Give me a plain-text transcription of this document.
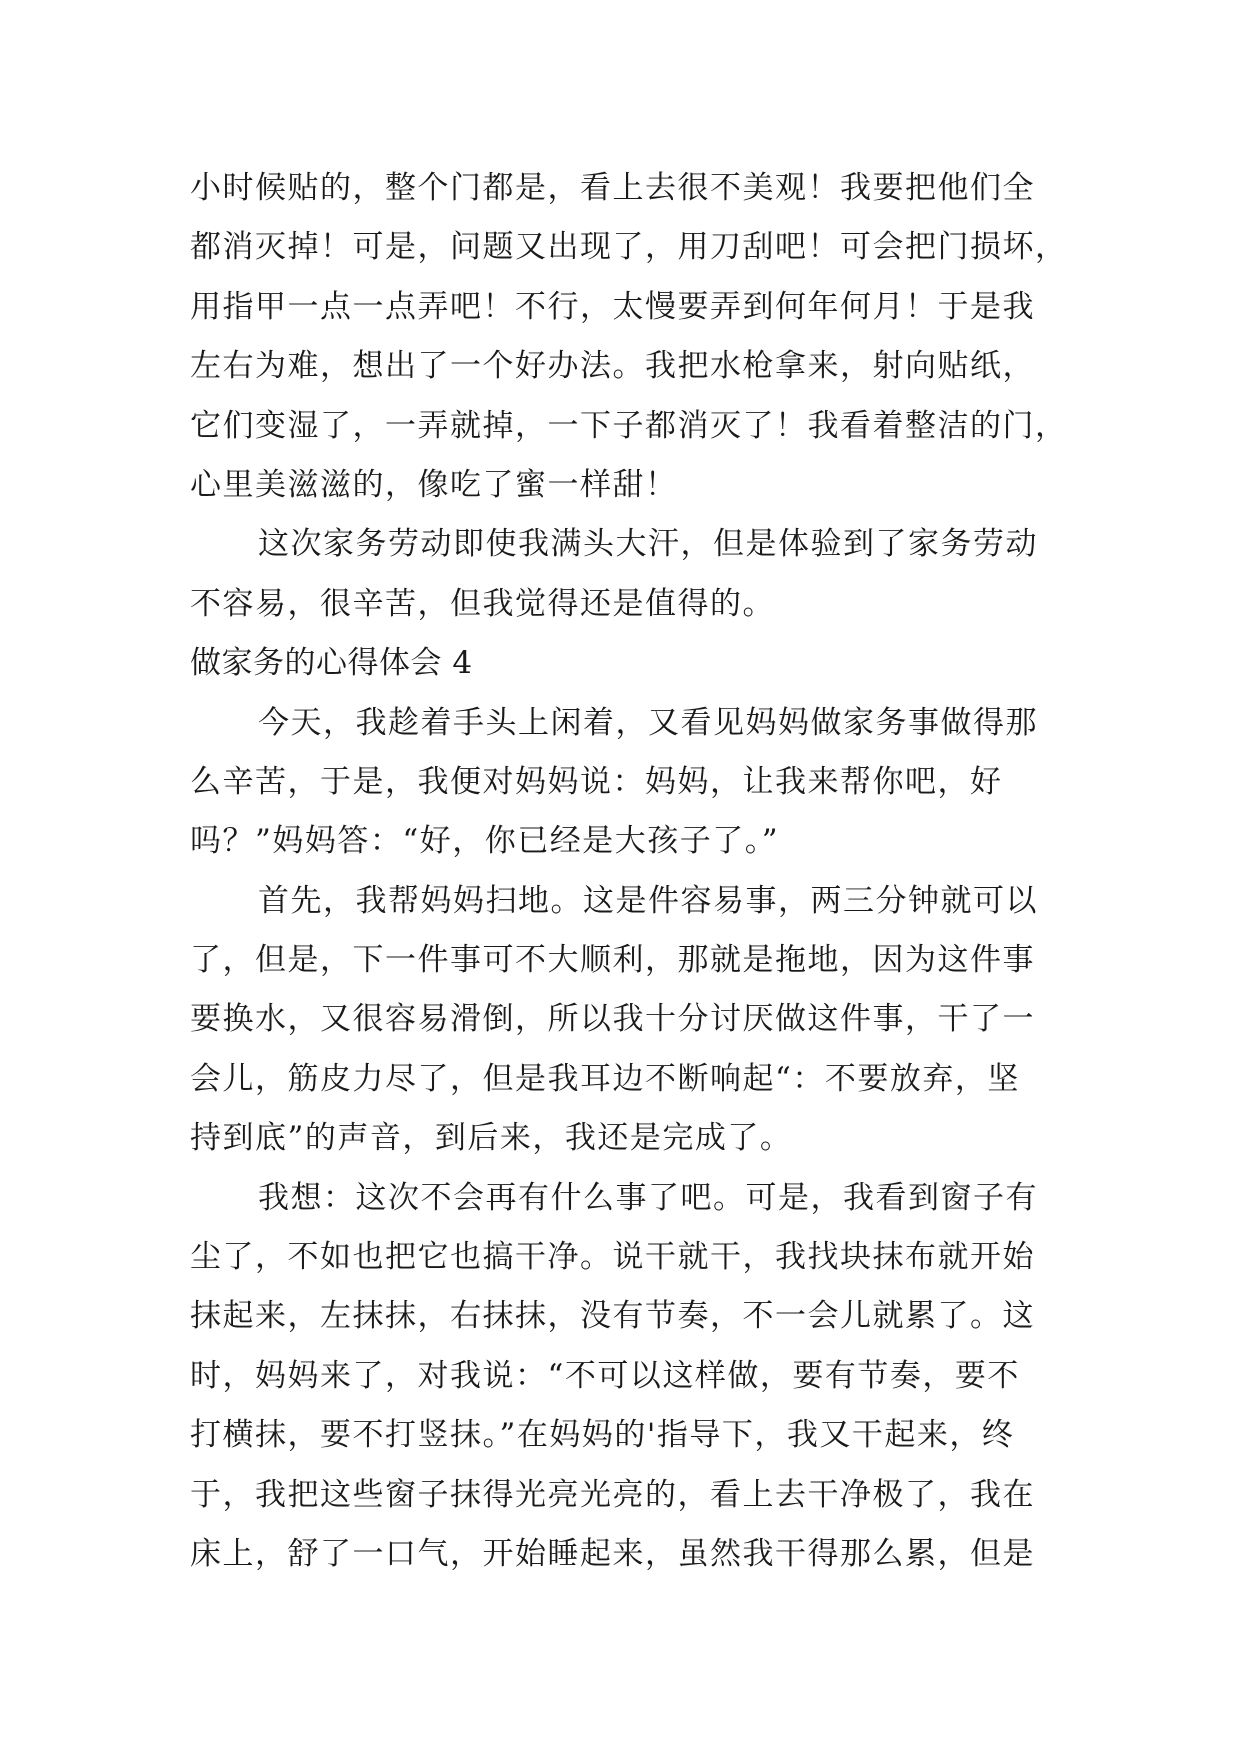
小时候贴的，整个门都是，看上去很不美观！我要把他们全
都消灭掉！可是，问题又出现了，用刀刮吧！可会把门损坏，
用指甲一点一点弄吧！不行，太慢要弄到何年何月！于是我
左右为难，想出了一个好办法。我把水枪拿来，射向贴纸，
它们变湿了，一弄就掉，一下子都消灭了！我看着整洁的门，
心里美滋滋的，像吃了蜜一样甜！
这次家务劳动即使我满头大汗，但是体验到了家务劳动
不容易，很辛苦，但我觉得还是值得的。
做家务的心得体会 4
今天，我趁着手头上闲着，又看见妈妈做家务事做得那
么辛苦，于是，我便对妈妈说：妈妈，让我来帮你吧，好
吗？”妈妈答：“好，你已经是大孩子了。”
首先，我帮妈妈扫地。这是件容易事，两三分钟就可以
了，但是，下一件事可不大顺利，那就是拖地，因为这件事
要换水，又很容易滑倒，所以我十分讨厌做这件事，干了一
会儿，筋皮力尽了，但是我耳边不断响起“：不要放弃，坚
持到底”的声音，到后来，我还是完成了。
我想：这次不会再有什么事了吧。可是，我看到窗子有
尘了，不如也把它也搞干净。说干就干，我找块抹布就开始
抹起来，左抹抹，右抹抹，没有节奏，不一会儿就累了。这
时，妈妈来了，对我说：“不可以这样做，要有节奏，要不
打横抹，要不打竖抹。”在妈妈的'指导下，我又干起来，终
于，我把这些窗子抹得光亮光亮的，看上去干净极了，我在
床上，舒了一口气，开始睡起来，虽然我干得那么累，但是
